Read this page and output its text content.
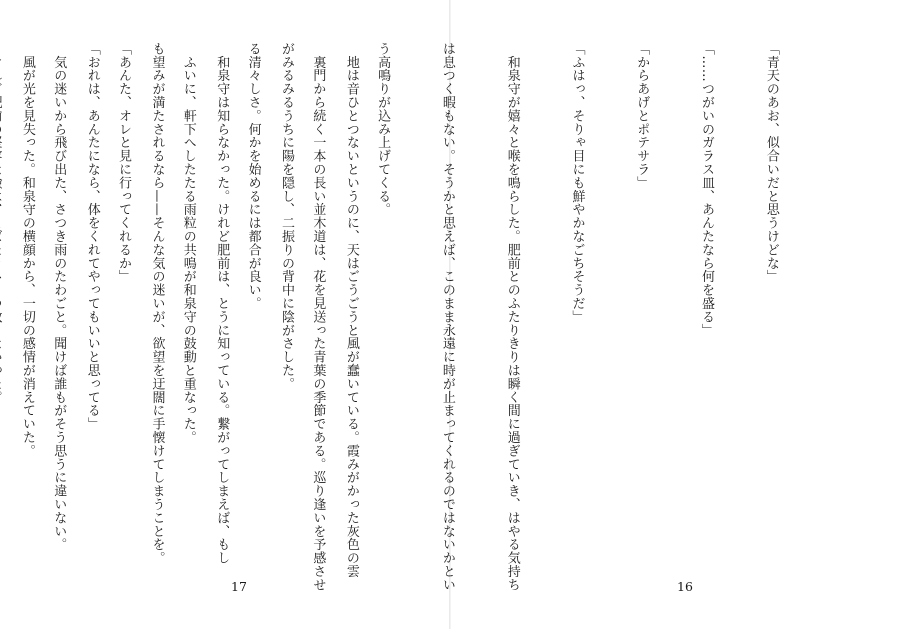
　地は音ひとつないというのに、天はごうごうと風が蠢いている。霞みがかった灰色の雲

がみるみるうちに陽を隠し、二振りの背中に陰がさした。

　和泉守は知らなかった。けれど肥前は、とうに知っている。繋がってしまえば、もし

も望みが満たされるなら——そんな気の迷いが、欲望を迂闊に手懐けてしまうことを。

「おれは、あんたになら、体をくれてやってもいいと思ってる」

　風が光を見失った。和泉守の横顔から、一切の感情が消えていた。

17

「青天のあお、似合いだと思うけどな」

「……つがいのガラス皿、あんたなら何を盛る」

「からあげとポテサラ」

「ふはっ、そりゃ目にも鮮やかなごちそうだ」

　和泉守が嬉々と喉を鳴らした。肥前とのふたりきりは瞬く間に過ぎていき、はやる気持ち

は息つく暇もない。そうかと思えば、このまま永遠に時が止まってくれるのではないかとい

う高鳴りが込み上げてくる。

　裏門から続く一本の長い並木道は、花を見送った青葉の季節である。巡り逢いを予感させ

る清々しさ。何かを始めるには都合が良い。

　ふいに、軒下へしたたる雨粒の共鳴が和泉守の鼓動と重なった。

「あんた、オレと見に行ってくれるか」

　気の迷いから飛び出た、さつき雨のたわごと。聞けば誰もがそう思うに違いない。

16
